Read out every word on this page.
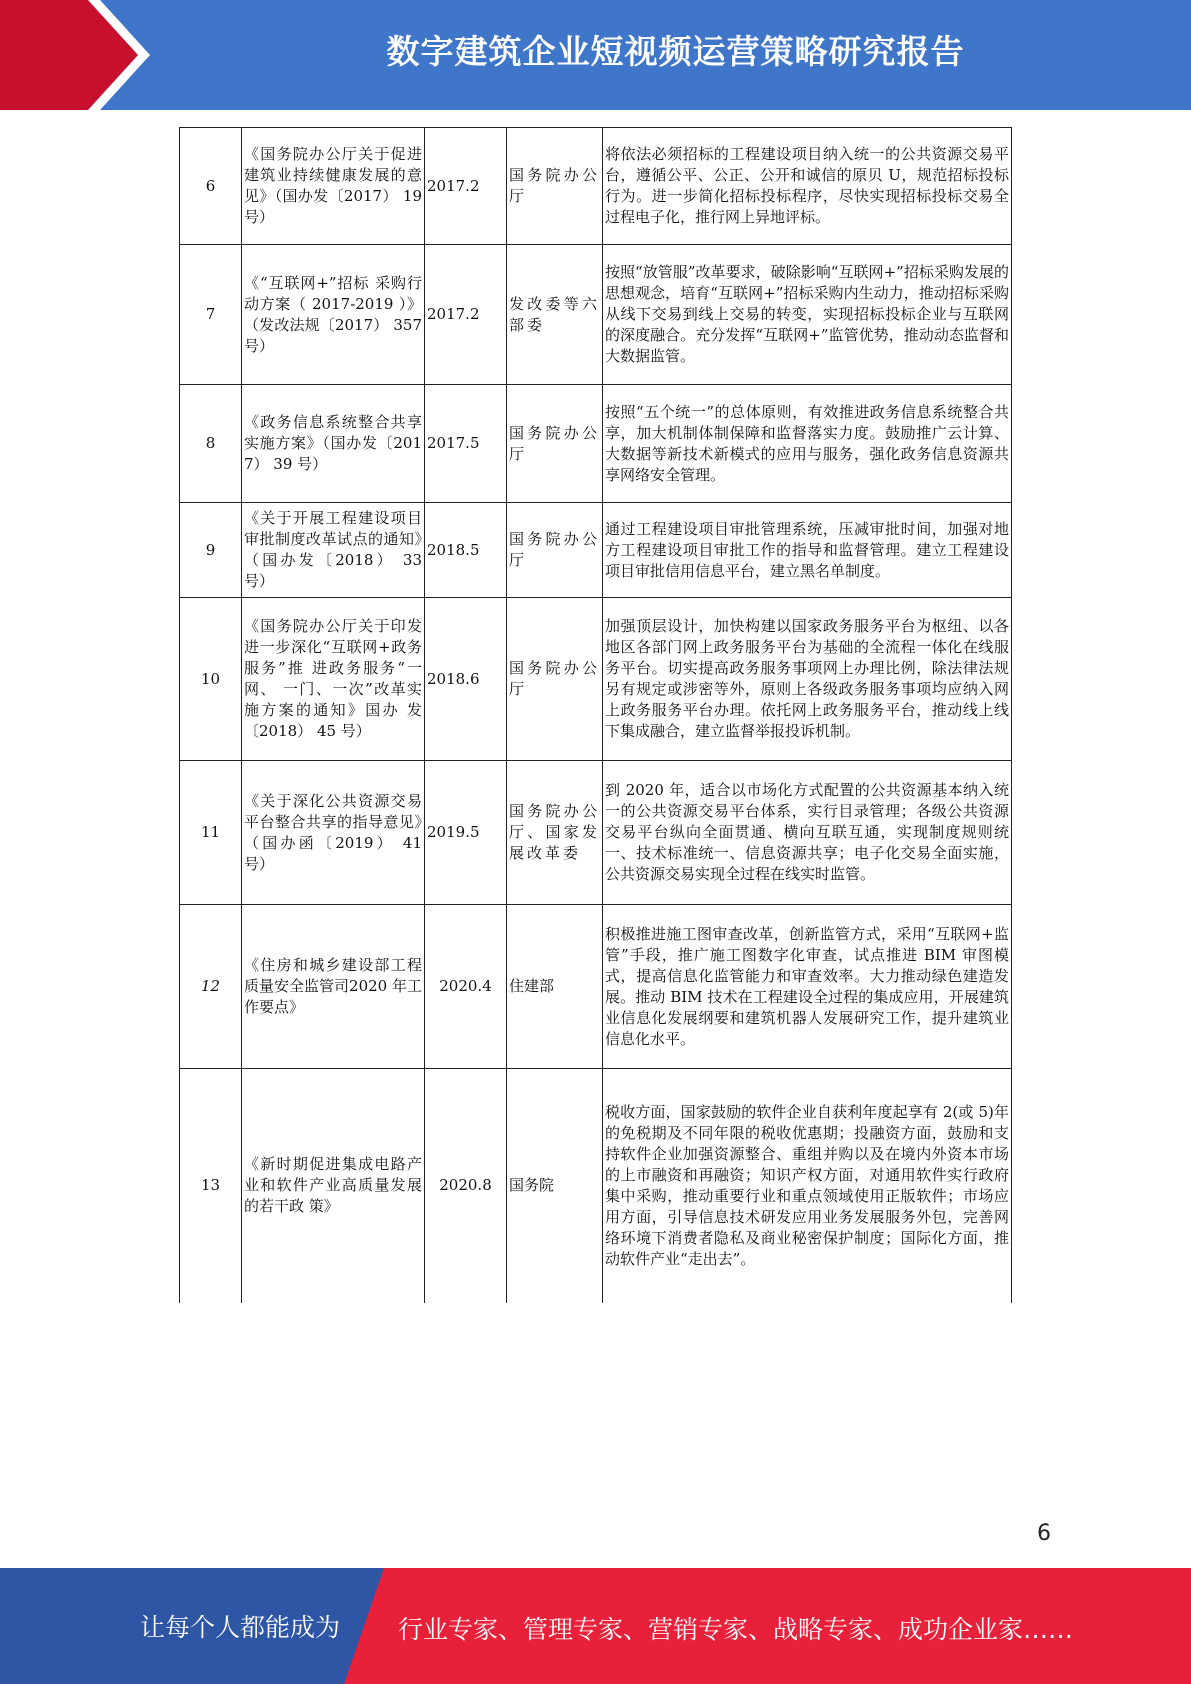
数字建筑企业短视频运营策略研究报告
6	《国务院办公厅关于促进建筑业持续健康发展的意见》（国办发〔2017） 19 号）	2017.2	国务院办公厅	将依法必须招标的工程建设项目纳入统一的公共资源交易平台，遵循公平、公正、公开和诚信的原贝 U，规范招标投标行为。进一步简化招标投标程序，尽快实现招标投标交易全过程电子化，推行网上异地评标。
7	《“互联网+”招标 采购行动方案（ 2017-2019 ）》（发改法规〔2017） 357 号）	2017.2	发改委等六部委	按照“放管服”改革要求，破除影响“互联网+”招标采购发展的思想观念，培育“互联网+”招标采购内生动力，推动招标采购从线下交易到线上交易的转变，实现招标投标企业与互联网的深度融合。充分发挥“互联网+”监管优势，推动动态监督和大数据监管。
8	《政务信息系统整合共享实施方案》（国办发〔2017） 39 号）	2017.5	国务院办公厅	按照“五个统一”的总体原则，有效推进政务信息系统整合共享，加大机制体制保障和监督落实力度。鼓励推广云计算、大数据等新技术新模式的应用与服务，强化政务信息资源共享网络安全管理。
9	《关于开展工程建设项目审批制度改革试点的通知》（国办发〔2018） 33 号）	2018.5	国务院办公厅	通过工程建设项目审批管理系统，压减审批时间，加强对地方工程建设项目审批工作的指导和监督管理。建立工程建设项目审批信用信息平台，建立黑名单制度。
10	《国务院办公厅关于印发进一步深化“互联网+政务服务”推 进政务服务“一网、 一门、一次”改革实 施方案的通知》国办 发〔2018） 45 号）	2018.6	国务院办公厅	加强顶层设计，加快构建以国家政务服务平台为枢纽、以各地区各部门网上政务服务平台为基础的全流程一体化在线服务平台。切实提高政务服务事项网上办理比例，除法律法规另有规定或涉密等外，原则上各级政务服务事项均应纳入网上政务服务平台办理。依托网上政务服务平台，推动线上线下集成融合，建立监督举报投诉机制。
11	《关于深化公共资源交易平台整合共享的指导意见》（国办函〔2019） 41 号）	2019.5	国务院办公厅、国家发展改革委	到 2020 年，适合以市场化方式配置的公共资源基本纳入统一的公共资源交易平台体系，实行目录管理；各级公共资源交易平台纵向全面贯通、横向互联互通，实现制度规则统一、技术标准统一、信息资源共享；电子化交易全面实施，公共资源交易实现全过程在线实时监管。
12	《住房和城乡建设部工程质量安全监管司2020 年工作要点》	2020.4	住建部	积极推进施工图审查改革，创新监管方式，采用“互联网+监管”手段，推广施工图数字化审查，试点推进 BIM 审图模式，提高信息化监管能力和审查效率。大力推动绿色建造发展。推动 BIM 技术在工程建设全过程的集成应用，开展建筑业信息化发展纲要和建筑机器人发展研究工作，提升建筑业信息化水平。
13	《新时期促进集成电路产业和软件产业高质量发展的若干政 策》	2020.8	国务院	税收方面，国家鼓励的软件企业自获利年度起享有 2(或 5)年的免税期及不同年限的税收优惠期；投融资方面，鼓励和支持软件企业加强资源整合、重组并购以及在境内外资本市场的上市融资和再融资；知识产权方面，对通用软件实行政府集中采购，推动重要行业和重点领域使用正版软件；市场应用方面，引导信息技术研发应用业务发展服务外包，完善网络环境下消费者隐私及商业秘密保护制度；国际化方面，推动软件产业“走出去”。
6
让每个人都能成为 行业专家、管理专家、营销专家、战略专家、成功企业家……
